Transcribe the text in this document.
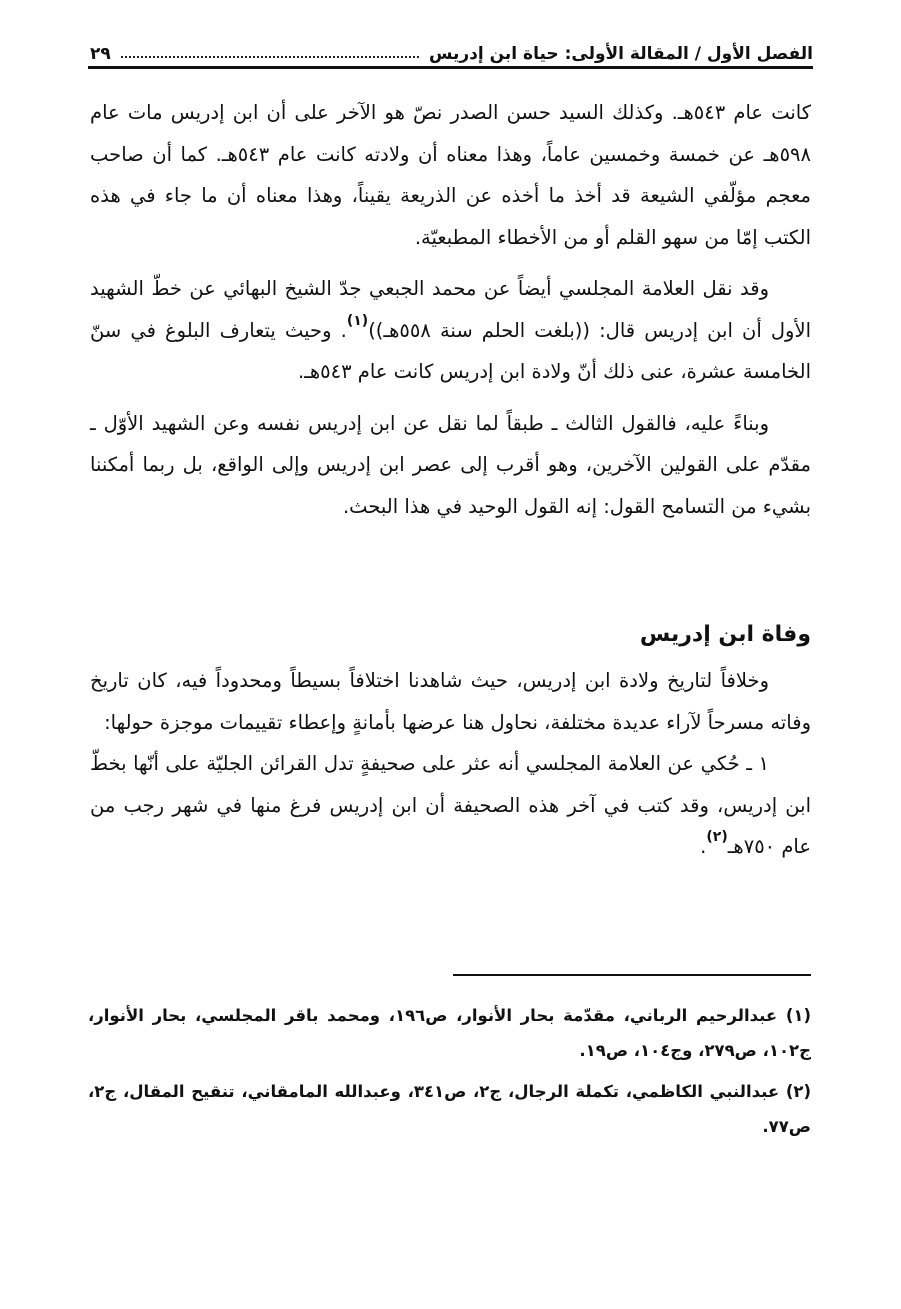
الفصل الأول / المقالة الأولى: حياة ابن إدريس
٢٩

كانت عام ٥٤٣هـ. وكذلك السيد حسن الصدر نصّ هو الآخر على أن ابن إدريس مات عام ٥٩٨هـ عن خمسة وخمسين عاماً، وهذا معناه أن ولادته كانت عام ٥٤٣هـ. كما أن صاحب معجم مؤلّفي الشيعة قد أخذ ما أخذه عن الذريعة يقيناً، وهذا معناه أن ما جاء في هذه الكتب إمّا من سهو القلم أو من الأخطاء المطبعيّة.

وقد نقل العلامة المجلسي أيضاً عن محمد الجبعي جدّ الشيخ البهائي عن خطّ الشهيد الأول أن ابن إدريس قال: ((بلغت الحلم سنة ٥٥٨هـ))$^{(١)}$. وحيث يتعارف البلوغ في سنّ الخامسة عشرة، عنى ذلك أنّ ولادة ابن إدريس كانت عام ٥٤٣هـ.

وبناءً عليه، فالقول الثالث ـ طبقاً لما نقل عن ابن إدريس نفسه وعن الشهيد الأوّل ـ مقدّم على القولين الآخرين، وهو أقرب إلى عصر ابن إدريس وإلى الواقع، بل ربما أمكننا بشيء من التسامح القول: إنه القول الوحيد في هذا البحث.

وفاة ابن إدريس

وخلافاً لتاريخ ولادة ابن إدريس، حيث شاهدنا اختلافاً بسيطاً ومحدوداً فيه، كان تاريخ وفاته مسرحاً لآراء عديدة مختلفة، نحاول هنا عرضها بأمانةٍ وإعطاء تقييمات موجزة حولها:

١ ـ حُكي عن العلامة المجلسي أنه عثر على صحيفةٍ تدل القرائن الجليّة على أنّها بخطّ ابن إدريس، وقد كتب في آخر هذه الصحيفة أن ابن إدريس فرغ منها في شهر رجب من عام ٧٥٠هـ$^{(٢)}$.

(١) عبدالرحيم الرباني، مقدّمة بحار الأنوار، ص١٩٦، ومحمد باقر المجلسي، بحار الأنوار، ج١٠٢، ص٢٧٩، وج١٠٤، ص١٩.

(٢) عبدالنبي الكاظمي، تكملة الرجال، ج٢، ص٣٤١، وعبدالله المامقاني، تنقيح المقال، ج٢، ص٧٧.
